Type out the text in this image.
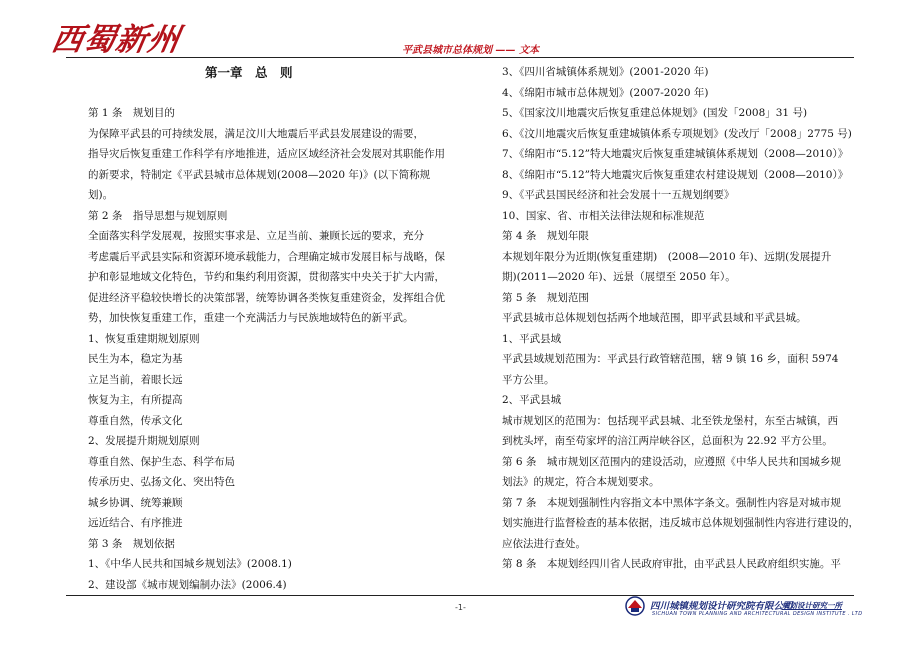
西蜀新州	平武县城市总体规划 —— 文本

第一章　总　则

第 1 条　规划目的

为保障平武县的可持续发展，满足汶川大地震后平武县发展建设的需要，

指导灾后恢复重建工作科学有序地推进，适应区域经济社会发展对其职能作用

的新要求，特制定《平武县城市总体规划(2008—2020 年)》(以下简称规划)。

第 2 条　指导思想与规划原则

全面落实科学发展观，按照实事求是、立足当前、兼顾长远的要求，充分

考虑震后平武县实际和资源环境承载能力，合理确定城市发展目标与战略，保

护和彰显地域文化特色，节约和集约利用资源，贯彻落实中央关于扩大内需，

促进经济平稳较快增长的决策部署，统筹协调各类恢复重建资金，发挥组合优

势，加快恢复重建工作，重建一个充满活力与民族地域特色的新平武。

1、恢复重建期规划原则

民生为本，稳定为基

立足当前，着眼长远

恢复为主，有所提高

尊重自然，传承文化

2、发展提升期规划原则

尊重自然、保护生态、科学布局

传承历史、弘扬文化、突出特色

城乡协调、统筹兼顾

远近结合、有序推进

第 3 条　规划依据

1、《中华人民共和国城乡规划法》(2008.1)

2、建设部《城市规划编制办法》(2006.4)

3、《四川省城镇体系规划》(2001-2020 年)

4、《绵阳市城市总体规划》(2007-2020 年)

5、《国家汶川地震灾后恢复重建总体规划》(国发「2008」31 号)

6、《汶川地震灾后恢复重建城镇体系专项规划》(发改厅「2008」2775 号)

7、《绵阳市“5.12”特大地震灾后恢复重建城镇体系规划（2008—2010）》

8、《绵阳市“5.12”特大地震灾后恢复重建农村建设规划（2008—2010）》

9、《平武县国民经济和社会发展十一五规划纲要》

10、国家、省、市相关法律法规和标准规范

第 4 条　规划年限

本规划年限分为近期(恢复重建期)　(2008—2010 年)、远期(发展提升

期)(2011—2020 年)、远景（展望至 2050 年）。

第 5 条　规划范围

平武县城市总体规划包括两个地域范围，即平武县域和平武县城。

1、平武县域

平武县域规划范围为：平武县行政管辖范围，辖 9 镇 16 乡，面积 5974

平方公里。

2、平武县城

城市规划区的范围为：包括现平武县城、北至铁龙堡村，东至古城镇，西

到枕头坪，南至苟家坪的涪江两岸峡谷区，总面积为 22.92 平方公里。

第 6 条　城市规划区范围内的建设活动，应遵照《中华人民共和国城乡规

划法》的规定，符合本规划要求。

第 7 条　本规划强制性内容指文本中黑体字条文。强制性内容是对城市规

划实施进行监督检查的基本依据，违反城市总体规划强制性内容进行建设的，

应依法进行查处。

第 8 条　本规划经四川省人民政府审批，由平武县人民政府组织实施。平

-1-	四川城镇规划设计研究院有限公司
规划设计研究一所
SICHUAN TOWN PLANNING AND ARCHITECTURAL DESIGN INSTITUTE . LTD
